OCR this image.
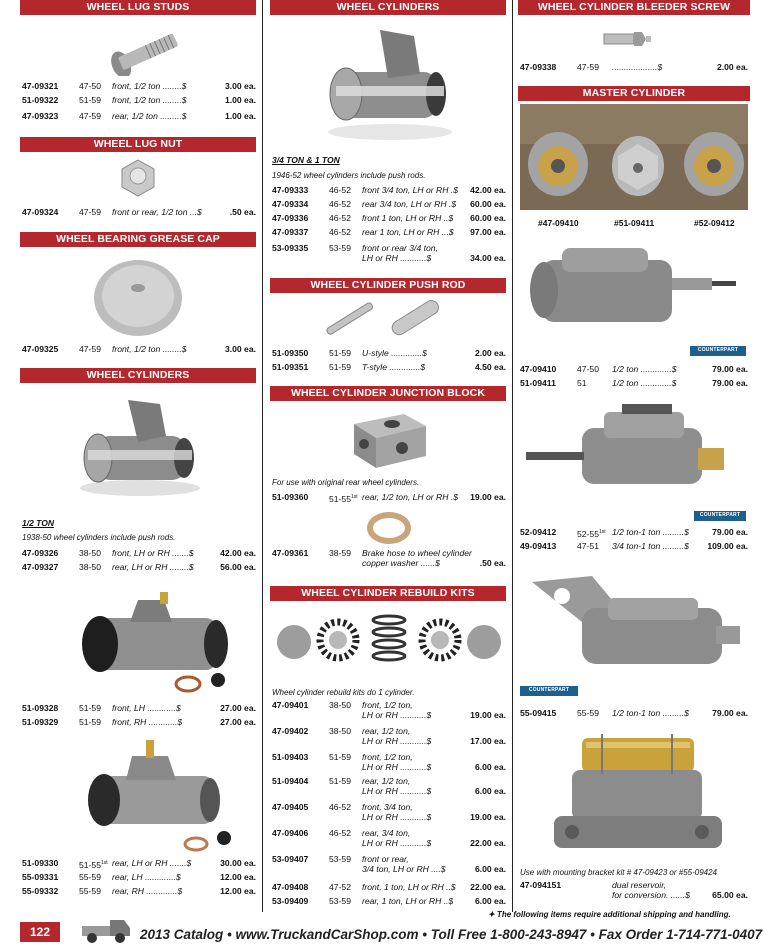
WHEEL LUG STUDS
47-09321 47-50 front, 1/2 ton ........$	3.00 ea.
51-09322 51-59 front, 1/2 ton ........$	1.00 ea.
47-09323 47-59 rear, 1/2 ton .........$	1.00 ea.
WHEEL LUG NUT
47-09324 47-59 front or rear, 1/2 ton ...$	.50 ea.
WHEEL BEARING GREASE CAP
47-09325 47-59 front, 1/2 ton ........$	3.00 ea.
WHEEL CYLINDERS
1/2 TON
1938-50 wheel cylinders include push rods.
47-09326 38-50 front, LH or RH .......$	42.00 ea.
47-09327 38-50 rear, LH or RH ........$	56.00 ea.
51-09328 51-59 front, LH ............$	27.00 ea.
51-09329 51-59 front, RH ............$	27.00 ea.
51-09330 $51-55^{1st}$ rear, LH or RH .......$	30.00 ea.
55-09331 55-59 rear, LH .............$	12.00 ea.
55-09332 55-59 rear, RH .............$	12.00 ea.
WHEEL CYLINDERS
3/4 TON & 1 TON
1946-52 wheel cylinders include push rods.
47-09333 46-52 front 3/4 ton, LH or RH .$ 42.00 ea.
47-09334 46-52 rear 3/4 ton, LH or RH .$ 60.00 ea.
47-09336 46-52 front 1 ton, LH or RH ..$ 60.00 ea.
47-09337 46-52 rear 1 ton, LH or RH ...$ 97.00 ea.
53-09335 53-59 front or rear 3/4 ton,
LH or RH ...........$	34.00 ea.
WHEEL CYLINDER PUSH ROD
51-09350 51-59 U-style .............$	2.00 ea.
51-09351 51-59 T-style .............$	4.50 ea.
WHEEL CYLINDER JUNCTION BLOCK
For use with original rear wheel cylinders.
51-09360 $51-55^{1st}$ rear, 1/2 ton, LH or RH .$ 19.00 ea.
47-09361 38-59 Brake hose to wheel cylinder
copper washer ......$	.50 ea.
WHEEL CYLINDER REBUILD KITS
Wheel cylinder rebuild kits do 1 cylinder.
47-09401 38-50 front, 1/2 ton,
LH or RH ...........$	19.00 ea.
47-09402 38-50 rear, 1/2 ton,
LH or RH ...........$	17.00 ea.
51-09403 51-59 front, 1/2 ton,
LH or RH ...........$	6.00 ea.
51-09404 51-59 rear, 1/2 ton,
LH or RH ...........$	6.00 ea.
47-09405 46-52 front, 3/4 ton,
LH or RH ...........$	19.00 ea.
47-09406 46-52 rear, 3/4 ton,
LH or RH ...........$	22.00 ea.
53-09407 53-59 front or rear,
3/4 ton, LH or RH ....$	6.00 ea.
47-09408 47-52 front, 1 ton, LH or RH ..$ 22.00 ea.
53-09409 53-59 rear, 1 ton, LH or RH ..$	6.00 ea.
WHEEL CYLINDER BLEEDER SCREW
47-09338 47-59 ...................$	2.00 ea.
MASTER CYLINDER
#47-09410	#51-09411	#52-09412
COUNTERPART
47-09410 47-50 1/2 ton .............$	79.00 ea.
51-09411 51	1/2 ton .............$	79.00 ea.
COUNTERPART
52-09412 $52-55^{1st}$ 1/2 ton-1 ton .........$	79.00 ea.
49-09413 47-51 3/4 ton-1 ton .........$ 109.00 ea.
COUNTERPART
55-09415 55-59 1/2 ton-1 ton .........$	79.00 ea.
Use with mounting bracket kit # 47-09423 or #55-09424
47-094151	dual reservoir,
for conversion. ......$	65.00 ea.
✦ The following items require additional shipping and handling.
122	2013 Catalog • www.TruckandCarShop.com • Toll Free 1-800-243-8947 • Fax Order 1-714-771-0407
